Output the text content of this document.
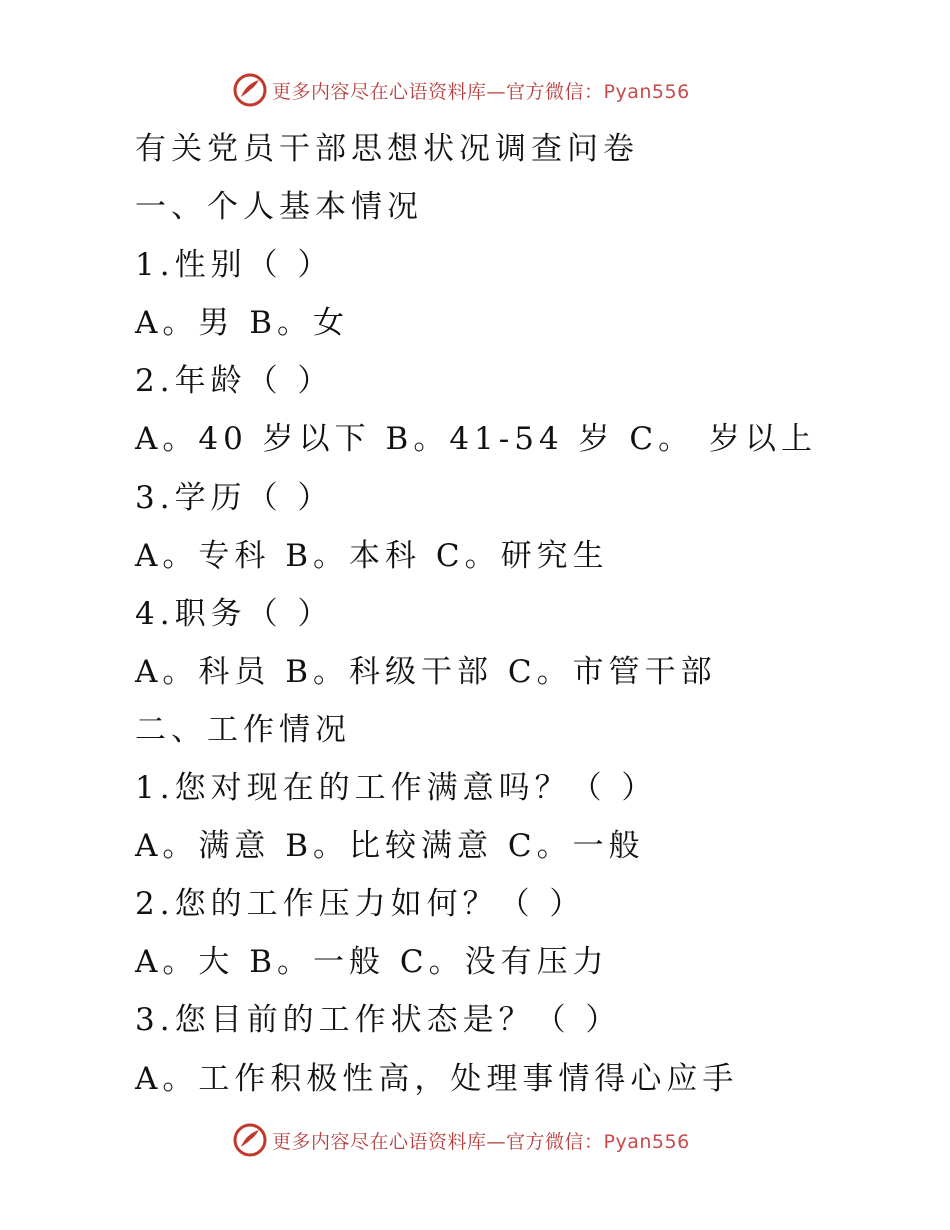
更多内容尽在心语资料库—官方微信：Pyan556
有关党员干部思想状况调查问卷
一、个人基本情况
1.性别（ ）
A。男 B。女
2.年龄（ ）
A。40 岁以下 B。41-54 岁 C。 岁以上
3.学历（ ）
A。专科 B。本科 C。研究生
4.职务（ ）
A。科员 B。科级干部 C。市管干部
二、工作情况
1.您对现在的工作满意吗？（ ）
A。满意 B。比较满意 C。一般
2.您的工作压力如何？（ ）
A。大 B。一般 C。没有压力
3.您目前的工作状态是？（ ）
A。工作积极性高，处理事情得心应手
更多内容尽在心语资料库—官方微信：Pyan556
